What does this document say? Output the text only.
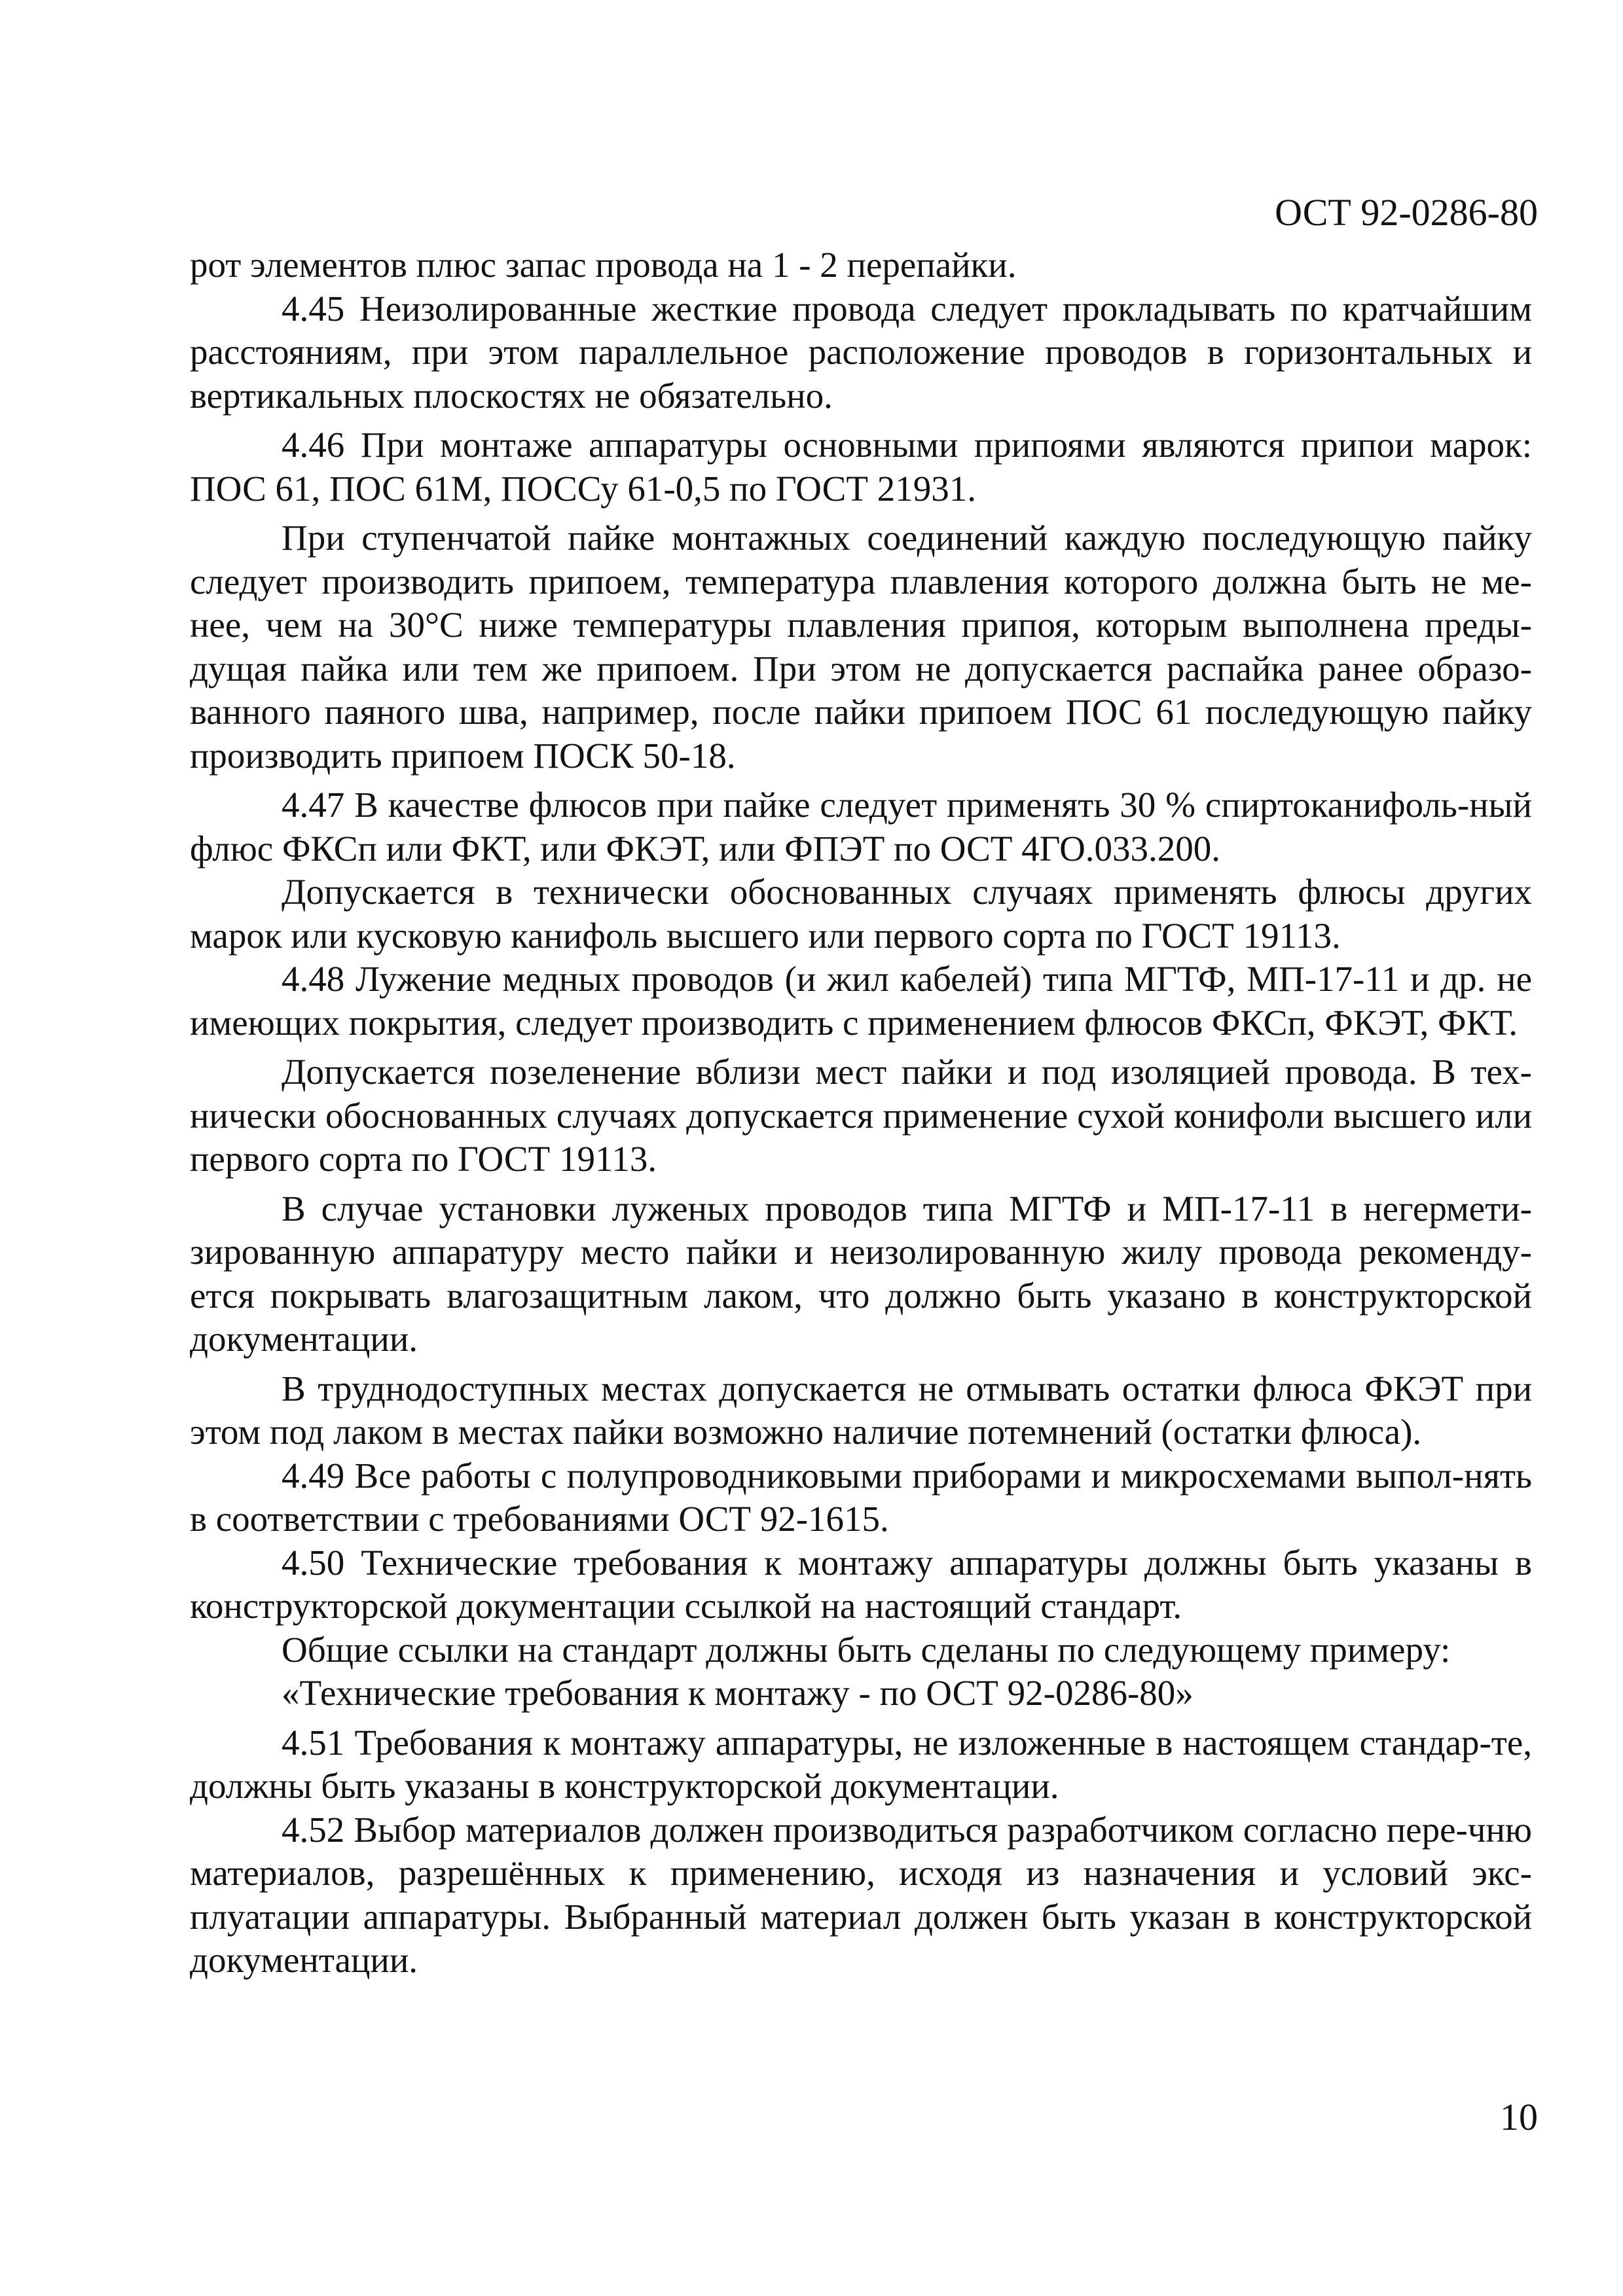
ОСТ 92-0286-80

рот элементов плюс запас провода на 1 - 2 перепайки.

4.45 Неизолированные жесткие провода следует прокладывать по кратчайшим расстояниям, при этом параллельное расположение проводов в горизонтальных и вертикальных плоскостях не обязательно.

4.46 При монтаже аппаратуры основными припоями являются припои марок: ПОС 61, ПОС 61М, ПОССу 61-0,5 по ГОСТ 21931.

При ступенчатой пайке монтажных соединений каждую последующую пайку следует производить припоем, температура плавления которого должна быть не ме-нее, чем на 30°С ниже температуры плавления припоя, которым выполнена преды-дущая пайка или тем же припоем. При этом не допускается распайка ранее образо-ванного паяного шва, например, после пайки припоем ПОС 61 последующую пайку производить припоем ПОСК 50-18.

4.47 В качестве флюсов при пайке следует применять 30 % спиртоканифоль-ный флюс ФКСп или ФКТ, или ФКЭТ, или ФПЭТ по ОСТ 4ГО.033.200.

Допускается в технически обоснованных случаях применять флюсы других марок или кусковую канифоль высшего или первого сорта по ГОСТ 19113.

4.48 Лужение медных проводов (и жил кабелей) типа МГТФ, МП-17-11 и др. не имеющих покрытия, следует производить с применением флюсов ФКСп, ФКЭТ, ФКТ.

Допускается позеленение вблизи мест пайки и под изоляцией провода. В тех-нически обоснованных случаях допускается применение сухой конифоли высшего или первого сорта по ГОСТ 19113.

В случае установки луженых проводов типа МГТФ и МП-17-11 в негермети-зированную аппаратуру место пайки и неизолированную жилу провода рекоменду-ется покрывать влагозащитным лаком, что должно быть указано в конструкторской документации.

В труднодоступных местах допускается не отмывать остатки флюса ФКЭТ при этом под лаком в местах пайки возможно наличие потемнений (остатки флюса).

4.49 Все работы с полупроводниковыми приборами и микросхемами выпол-нять в соответствии с требованиями ОСТ 92-1615.

4.50 Технические требования к монтажу аппаратуры должны быть указаны в конструкторской документации ссылкой на настоящий стандарт.

Общие ссылки на стандарт должны быть сделаны по следующему примеру:

«Технические требования к монтажу - по ОСТ 92-0286-80»

4.51 Требования к монтажу аппаратуры, не изложенные в настоящем стандар-те, должны быть указаны в конструкторской документации.

4.52 Выбор материалов должен производиться разработчиком согласно пере-чню материалов, разрешённых к применению, исходя из назначения и условий экс-плуатации аппаратуры. Выбранный материал должен быть указан в конструкторской документации.

10
